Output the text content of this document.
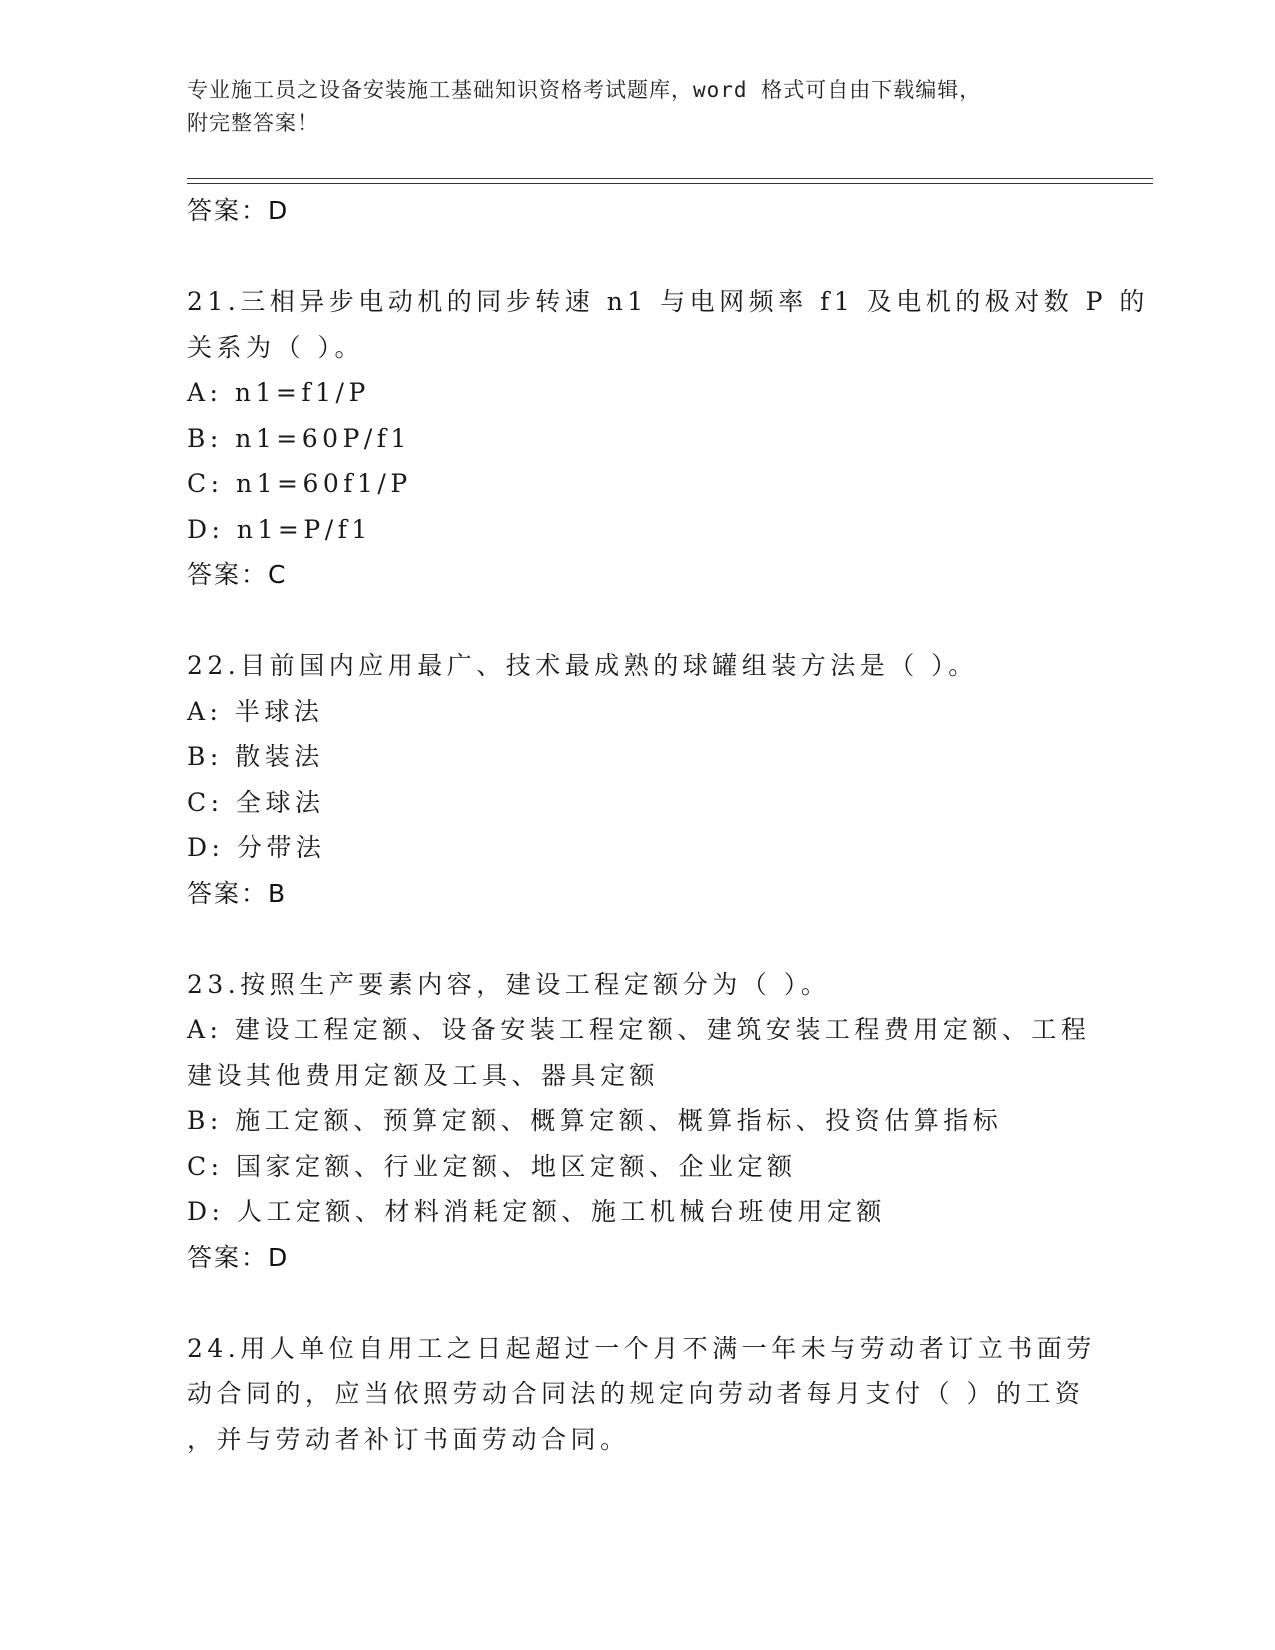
专业施工员之设备安装施工基础知识资格考试题库，word 格式可自由下载编辑，
附完整答案！
答案：D
21.三相异步电动机的同步转速 n1 与电网频率 f1 及电机的极对数 P 的
关系为（ ）。
A: n1=f1/P
B: n1=60P/f1
C: n1=60f1/P
D: n1=P/f1
答案：C
22.目前国内应用最广、技术最成熟的球罐组装方法是（ ）。
A: 半球法
B: 散装法
C: 全球法
D: 分带法
答案：B
23.按照生产要素内容，建设工程定额分为（ ）。
A: 建设工程定额、设备安装工程定额、建筑安装工程费用定额、工程
建设其他费用定额及工具、器具定额
B: 施工定额、预算定额、概算定额、概算指标、投资估算指标
C: 国家定额、行业定额、地区定额、企业定额
D: 人工定额、材料消耗定额、施工机械台班使用定额
答案：D
24.用人单位自用工之日起超过一个月不满一年未与劳动者订立书面劳
动合同的，应当依照劳动合同法的规定向劳动者每月支付（ ）的工资
，并与劳动者补订书面劳动合同。
